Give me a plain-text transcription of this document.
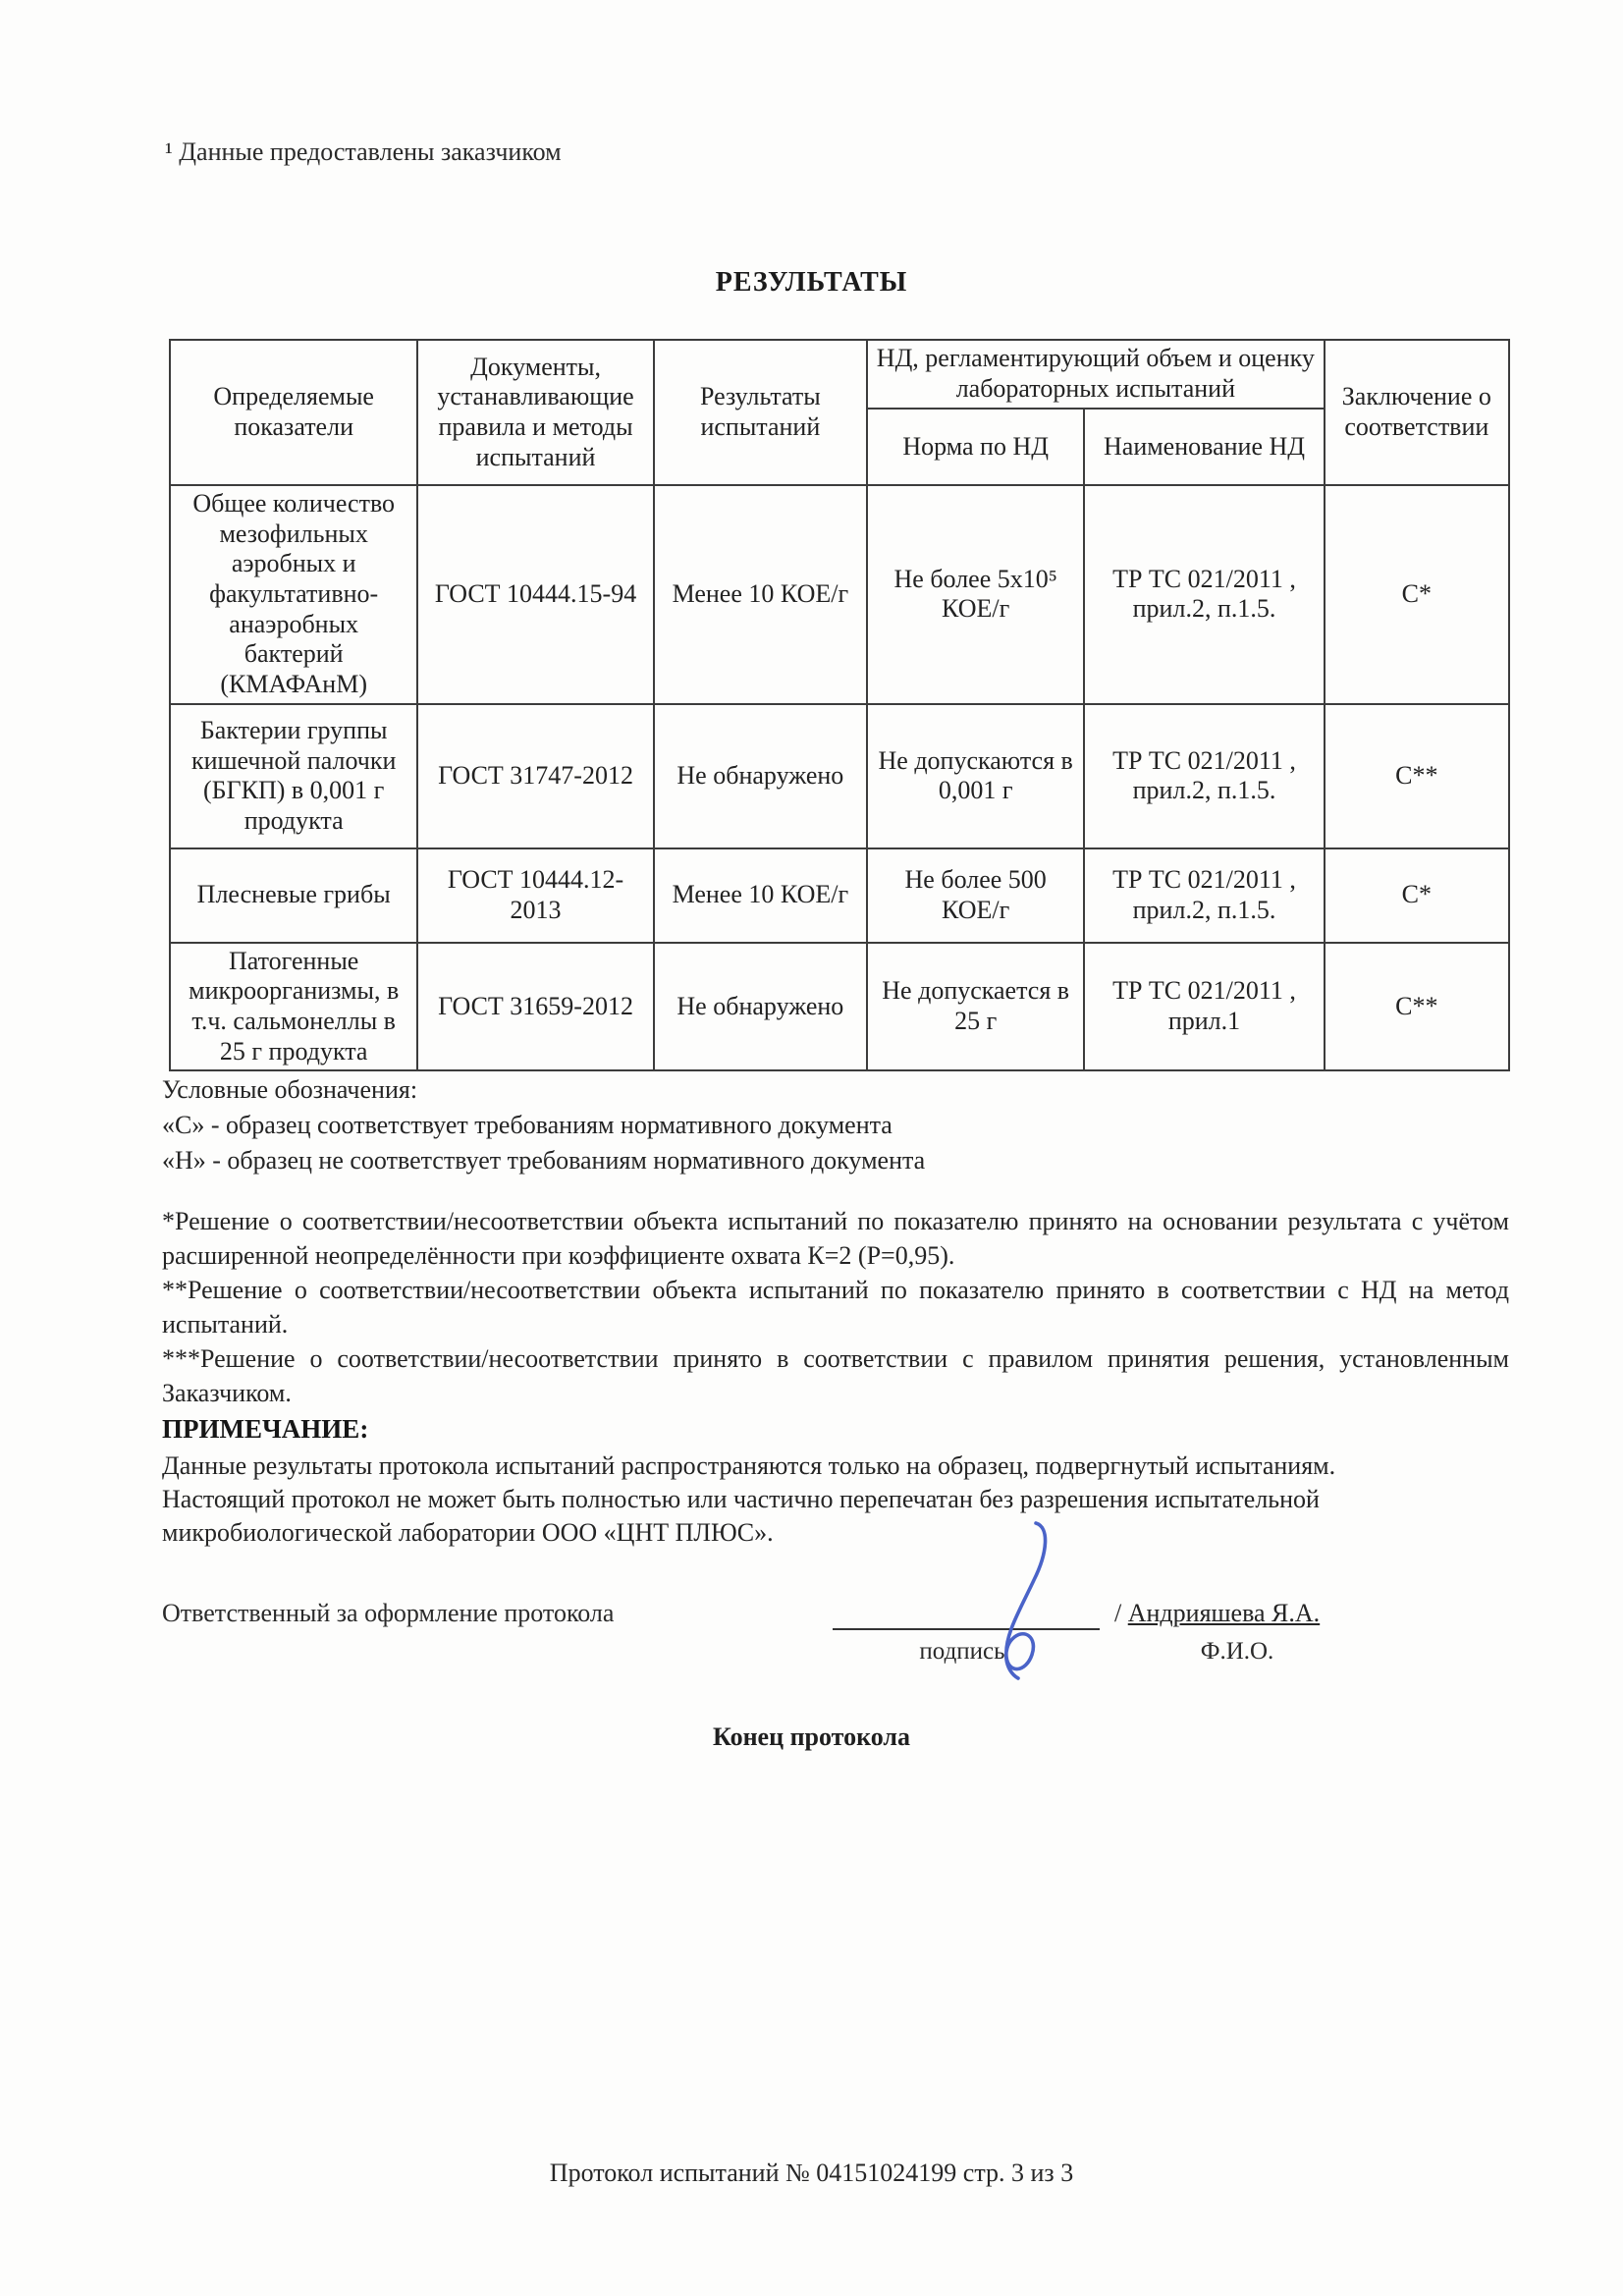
¹ Данные предоставлены заказчиком
РЕЗУЛЬТАТЫ
Определяемые показатели	Документы, устанавливающие правила и методы испытаний	Результаты испытаний	НД, регламентирующий объем и оценку лабораторных испытаний		Заключение о соответствии
			Норма по НД	Наименование НД	
Общее количество мезофильных аэробных и факультативно-анаэробных бактерий (КМАФАнМ)	ГОСТ 10444.15-94	Менее 10 КОЕ/г	Не более 5x10⁵ КОЕ/г	ТР ТС 021/2011 , прил.2, п.1.5.	С*
Бактерии группы кишечной палочки (БГКП) в 0,001 г продукта	ГОСТ 31747-2012	Не обнаружено	Не допускаются в 0,001 г	ТР ТС 021/2011 , прил.2, п.1.5.	С**
Плесневые грибы	ГОСТ 10444.12-2013	Менее 10 КОЕ/г	Не более 500 КОЕ/г	ТР ТС 021/2011 , прил.2, п.1.5.	С*
Патогенные микроорганизмы, в т.ч. сальмонеллы в 25 г продукта	ГОСТ 31659-2012	Не обнаружено	Не допускается в 25 г	ТР ТС 021/2011 , прил.1	С**

Условные обозначения:

«С» - образец соответствует требованиям нормативного документа

«Н» - образец не соответствует требованиям нормативного документа

*Решение о соответствии/несоответствии объекта испытаний по показателю принято на основании результата с учётом расширенной неопределённости при коэффициенте охвата К=2 (Р=0,95).

**Решение о соответствии/несоответствии объекта испытаний по показателю принято в соответствии с НД на метод испытаний.

***Решение о соответствии/несоответствии принято в соответствии с правилом принятия решения, установленным Заказчиком.

ПРИМЕЧАНИЕ:

Данные результаты протокола испытаний распространяются только на образец, подвергнутый испытаниям.

Настоящий протокол не может быть полностью или частично перепечатан без разрешения испытательной микробиологической лаборатории ООО «ЦНТ ПЛЮС».

Ответственный за оформление протокола	/ Андрияшева Я.А.
подпись	Ф.И.О.
Конец протокола
Протокол испытаний № 04151024199 стр. 3 из 3
